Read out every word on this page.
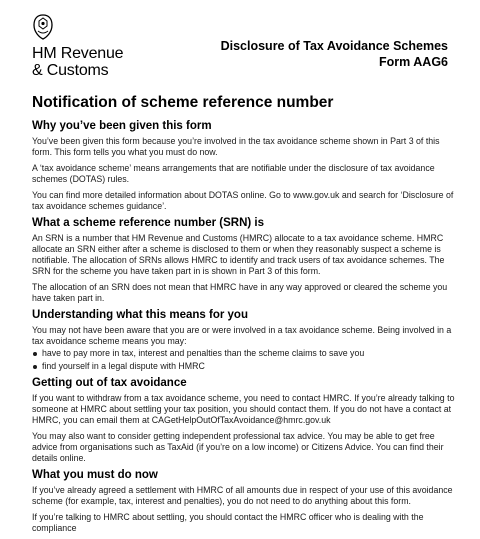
HM Revenue
& Customs
Disclosure of Tax Avoidance Schemes
Form AAG6
Notification of scheme reference number
Why you’ve been given this form

You’ve been given this form because you’re involved in the tax avoidance scheme shown in Part 3 of this form. This form tells you what you must do now.

A ‘tax avoidance scheme’ means arrangements that are notifiable under the disclosure of tax avoidance schemes (DOTAS) rules.

You can find more detailed information about DOTAS online. Go to www.gov.uk and search for ‘Disclosure of tax avoidance schemes guidance’.

What a scheme reference number (SRN) is

An SRN is a number that HM Revenue and Customs (HMRC) allocate to a tax avoidance scheme. HMRC allocate an SRN either after a scheme is disclosed to them or when they reasonably suspect a scheme is notifiable. The allocation of SRNs allows HMRC to identify and track users of tax avoidance schemes. The SRN for the scheme you have taken part in is shown in Part 3 of this form.

The allocation of an SRN does not mean that HMRC have in any way approved or cleared the scheme you have taken part in.

Understanding what this means for you

You may not have been aware that you are or were involved in a tax avoidance scheme. Being involved in a tax avoidance scheme means you may:

have to pay more in tax, interest and penalties than the scheme claims to save you
find yourself in a legal dispute with HMRC
Getting out of tax avoidance

If you want to withdraw from a tax avoidance scheme, you need to contact HMRC. If you’re already talking to someone at HMRC about settling your tax position, you should contact them. If you do not have a contact at HMRC, you can email them at CAGetHelpOutOfTaxAvoidance@hmrc.gov.uk

You may also want to consider getting independent professional tax advice. You may be able to get free advice from organisations such as TaxAid (if you’re on a low income) or Citizens Advice. You can find their details online.

What you must do now

If you’ve already agreed a settlement with HMRC of all amounts due in respect of your use of this avoidance scheme (for example, tax, interest and penalties), you do not need to do anything about this form.

If you’re talking to HMRC about settling, you should contact the HMRC officer who is dealing with the compliance
